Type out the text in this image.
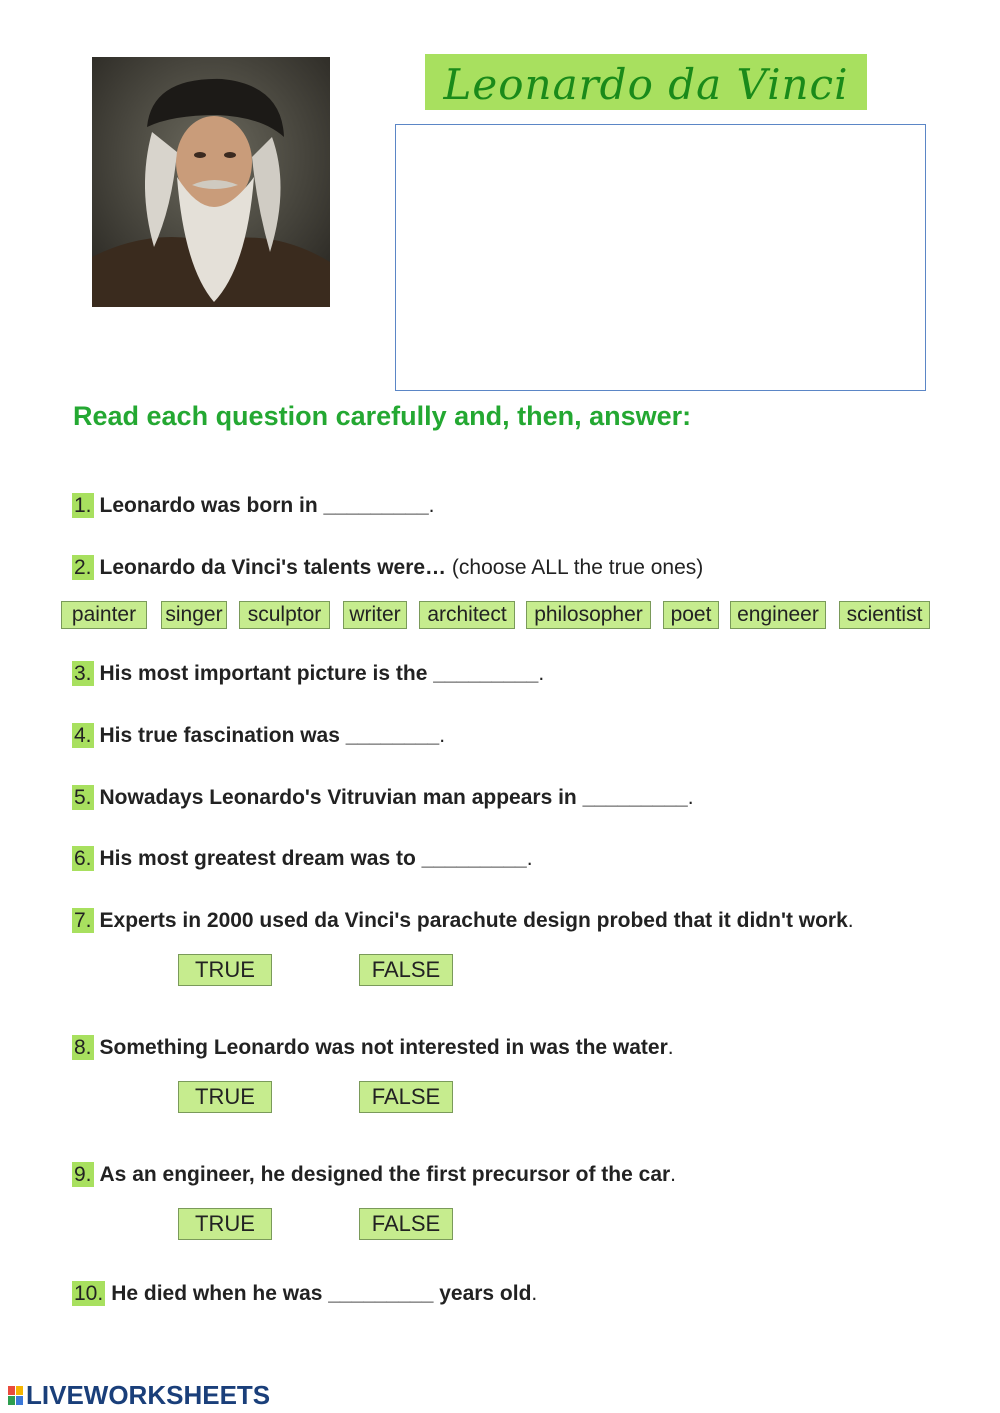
Leonardo da Vinci
Read each question carefully and, then, answer:
1. Leonardo was born in _________.
2. Leonardo da Vinci's talents were… (choose ALL the true ones)
painter	singer	sculptor	writer	architect	philosopher	poet	engineer	scientist
3. His most important picture is the _________.
4. His true fascination was ________.
5. Nowadays Leonardo's Vitruvian man appears in _________.
6. His most greatest dream was to _________.
7. Experts in 2000 used da Vinci's parachute design probed that it didn't work.
TRUE	FALSE
8. Something Leonardo was not interested in was the water.
TRUE	FALSE
9. As an engineer, he designed the first precursor of the car.
TRUE	FALSE
10. He died when he was _________ years old.
LIVEWORKSHEETS
